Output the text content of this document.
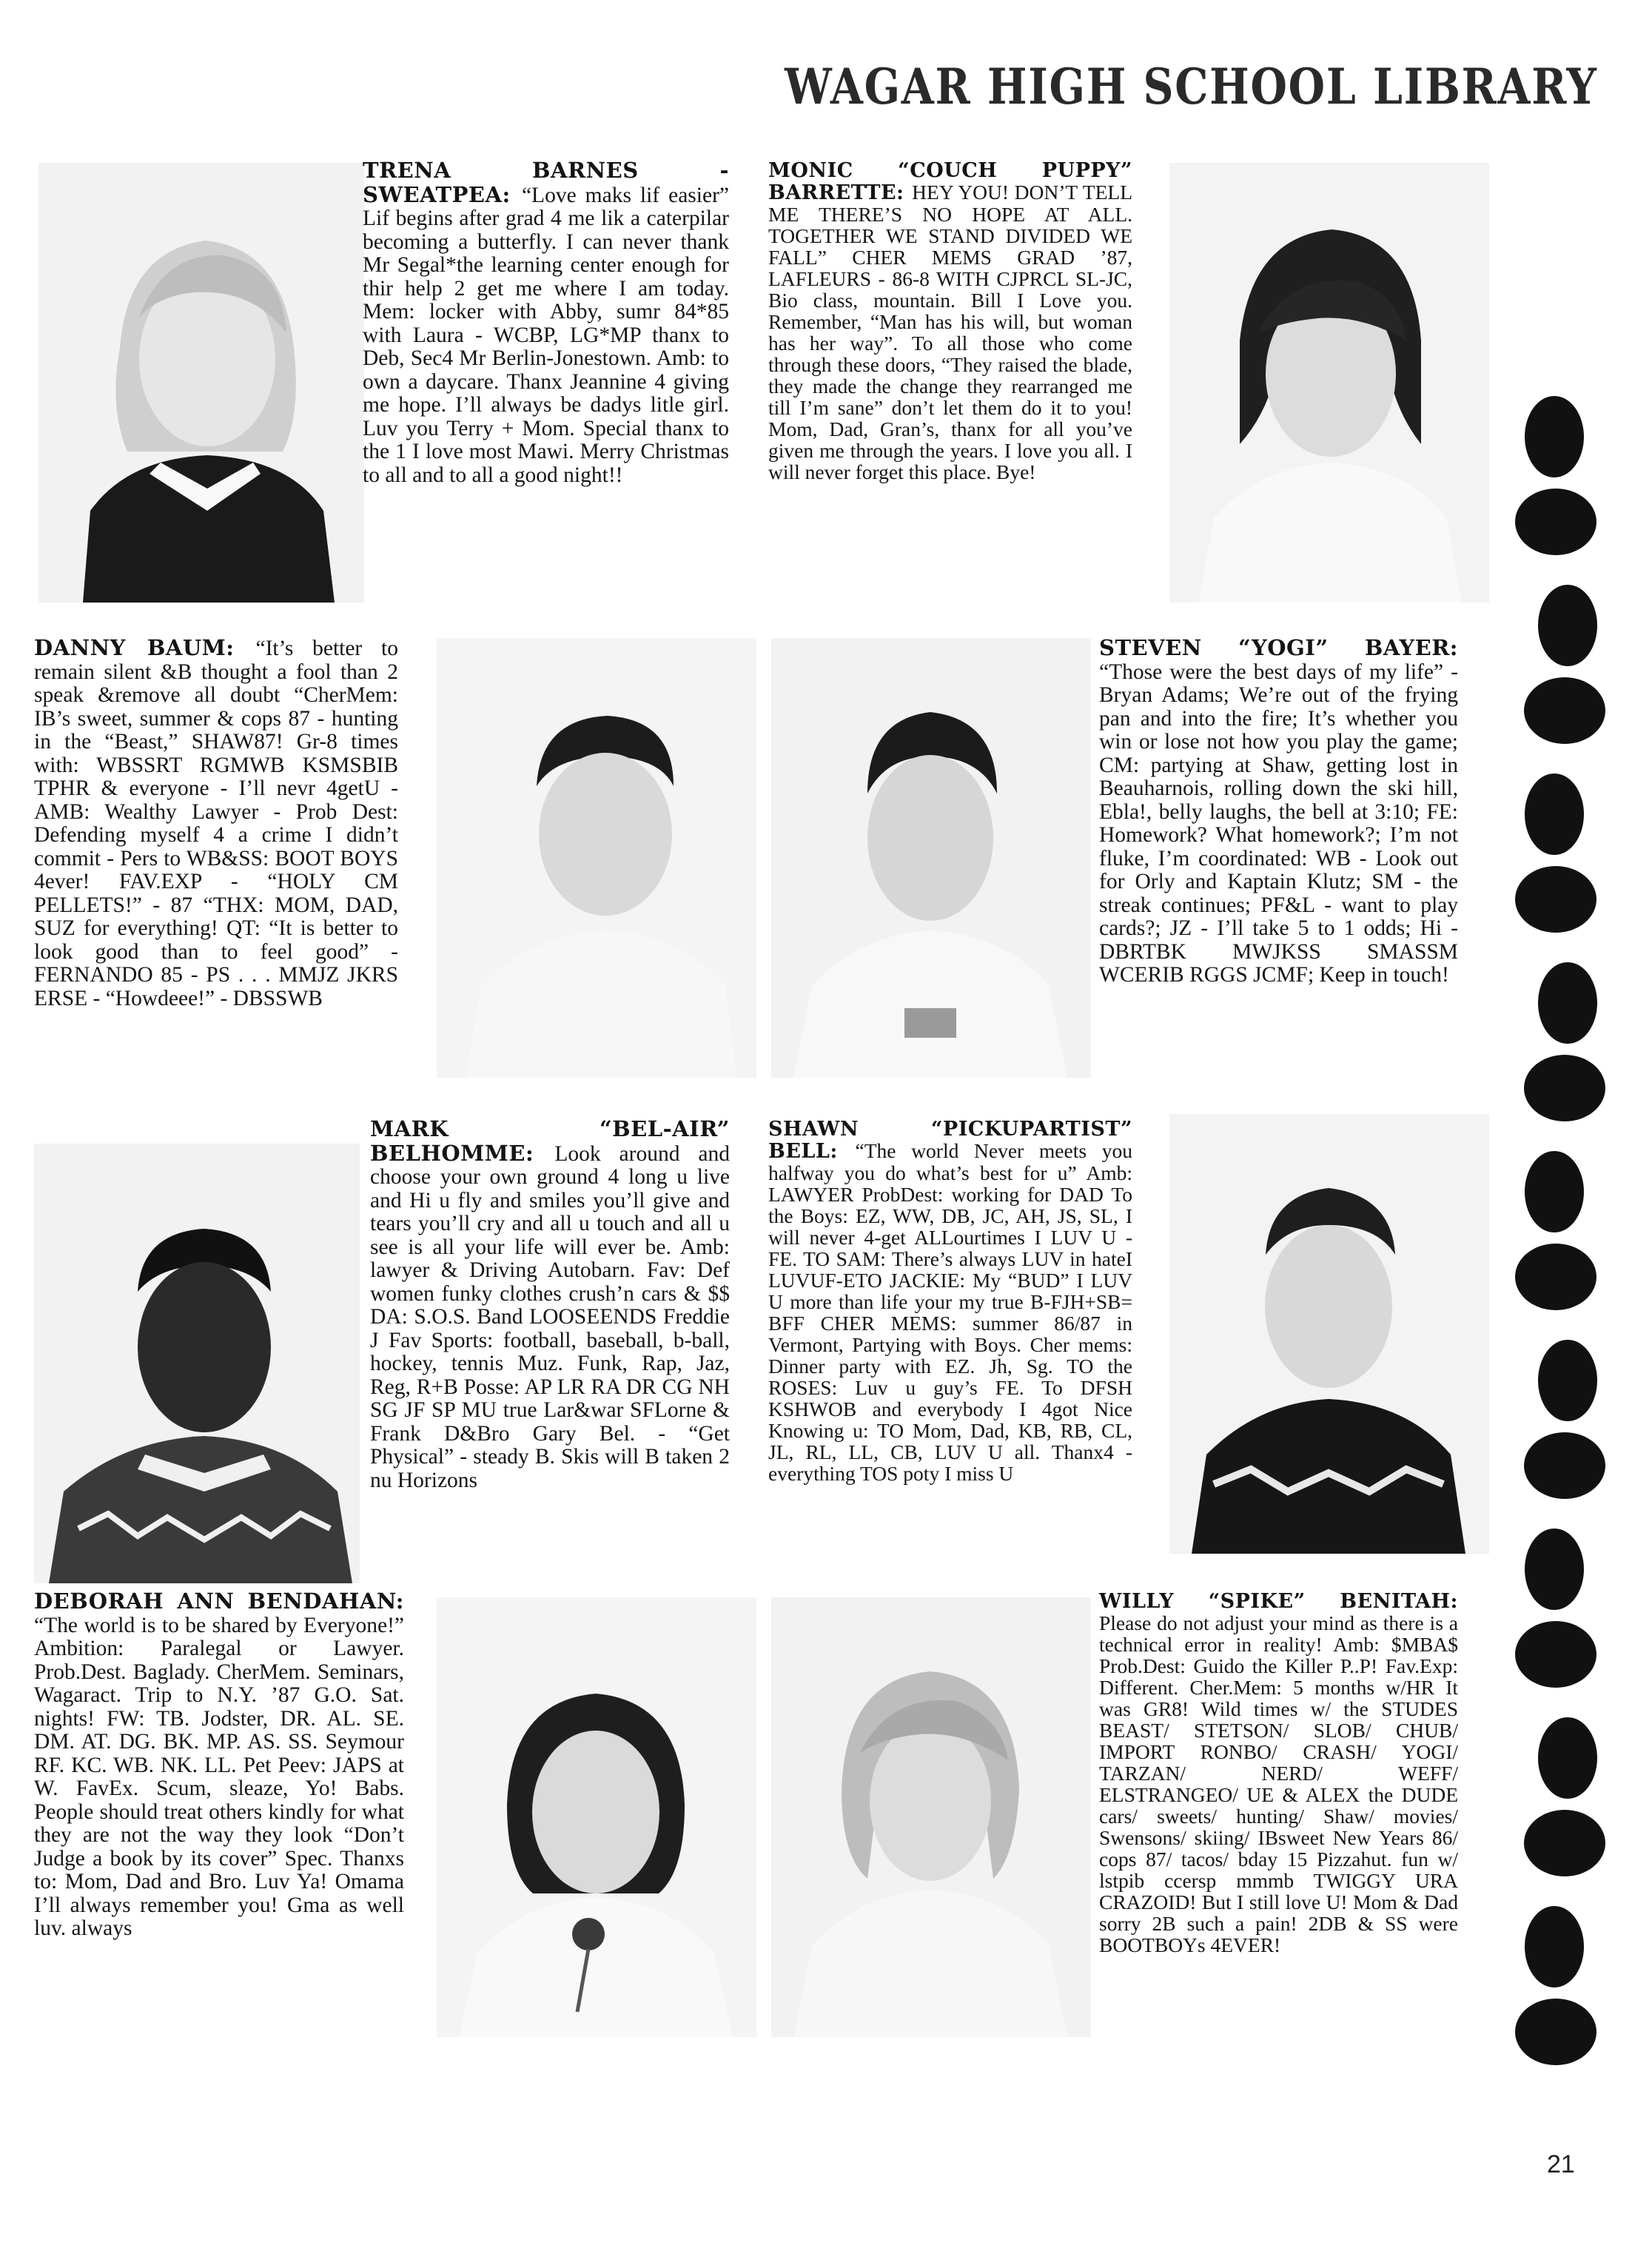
WAGAR HIGH SCHOOL LIBRARY
TRENA BARNES - SWEATPEA: “Love maks lif easier” Lif begins after grad 4 me lik a caterpilar becoming a butterfly. I can never thank Mr Segal*the learning center enough for thir help 2 get me where I am today. Mem: locker with Abby, sumr 84*85 with Laura - WCBP, LG*MP thanx to Deb, Sec4 Mr Berlin-Jonestown. Amb: to own a daycare. Thanx Jeannine 4 giving me hope. I’ll always be dadys litle girl. Luv you Terry + Mom. Special thanx to the 1 I love most Mawi. Merry Christmas to all and to all a good night!!
MONIC “COUCH PUPPY” BARRETTE: HEY YOU! DON’T TELL ME THERE’S NO HOPE AT ALL. TOGETHER WE STAND DIVIDED WE FALL” CHER MEMS GRAD ’87, LAFLEURS - 86-8 WITH CJPRCL SL-JC, Bio class, mountain. Bill I Love you. Remember, “Man has his will, but woman has her way”. To all those who come through these doors, “They raised the blade, they made the change they rearranged me till I’m sane” don’t let them do it to you! Mom, Dad, Gran’s, thanx for all you’ve given me through the years. I love you all. I will never forget this place. Bye!
DANNY BAUM: “It’s better to remain silent &B thought a fool than 2 speak &remove all doubt “CherMem: IB’s sweet, summer & cops 87 - hunting in the “Beast,” SHAW87! Gr-8 times with: WBSSRT RGMWB KSMSBIB TPHR & everyone - I’ll nevr 4getU - AMB: Wealthy Lawyer - Prob Dest: Defending myself 4 a crime I didn’t commit - Pers to WB&SS: BOOT BOYS 4ever! FAV.EXP - “HOLY CM PELLETS!” - 87 “THX: MOM, DAD, SUZ for everything! QT: “It is better to look good than to feel good” - FERNANDO 85 - PS . . . MMJZ JKRS ERSE - “Howdeee!” - DBSSWB
STEVEN “YOGI” BAYER: “Those were the best days of my life” - Bryan Adams; We’re out of the frying pan and into the fire; It’s whether you win or lose not how you play the game; CM: partying at Shaw, getting lost in Beauharnois, rolling down the ski hill, Ebla!, belly laughs, the bell at 3:10; FE: Homework? What homework?; I’m not fluke, I’m coordinated: WB - Look out for Orly and Kaptain Klutz; SM - the streak continues; PF&L - want to play cards?; JZ - I’ll take 5 to 1 odds; Hi - DBRTBK MWJKSS SMASSM WCERIB RGGS JCMF; Keep in touch!
MARK “BEL-AIR” BELHOMME: Look around and choose your own ground 4 long u live and Hi u fly and smiles you’ll give and tears you’ll cry and all u touch and all u see is all your life will ever be. Amb: lawyer & Driving Autobarn. Fav: Def women funky clothes crush’n cars & $$ DA: S.O.S. Band LOOSEENDS Freddie J Fav Sports: football, baseball, b-ball, hockey, tennis Muz. Funk, Rap, Jaz, Reg, R+B Posse: AP LR RA DR CG NH SG JF SP MU true Lar&war SFLorne & Frank D&Bro Gary Bel. - “Get Physical” - steady B. Skis will B taken 2 nu Horizons
SHAWN “PICKUPARTIST” BELL: “The world Never meets you halfway you do what’s best for u” Amb: LAWYER ProbDest: working for DAD To the Boys: EZ, WW, DB, JC, AH, JS, SL, I will never 4-get ALLourtimes I LUV U - FE. TO SAM: There’s always LUV in hateI LUVUF-ETO JACKIE: My “BUD” I LUV U more than life your my true B-FJH+SB= BFF CHER MEMS: summer 86/87 in Vermont, Partying with Boys. Cher mems: Dinner party with EZ. Jh, Sg. TO the ROSES: Luv u guy’s FE. To DFSH KSHWOB and everybody I 4got Nice Knowing u: TO Mom, Dad, KB, RB, CL, JL, RL, LL, CB, LUV U all. Thanx4 - everything TOS poty I miss U
DEBORAH ANN BENDAHAN: “The world is to be shared by Everyone!” Ambition: Paralegal or Lawyer. Prob.Dest. Baglady. CherMem. Seminars, Wagaract. Trip to N.Y. ’87 G.O. Sat. nights! FW: TB. Jodster, DR. AL. SE. DM. AT. DG. BK. MP. AS. SS. Seymour RF. KC. WB. NK. LL. Pet Peev: JAPS at W. FavEx. Scum, sleaze, Yo! Babs. People should treat others kindly for what they are not the way they look “Don’t Judge a book by its cover” Spec. Thanxs to: Mom, Dad and Bro. Luv Ya! Omama I’ll always remember you! Gma as well luv. always
WILLY “SPIKE” BENITAH: Please do not adjust your mind as there is a technical error in reality! Amb: $MBA$ Prob.Dest: Guido the Killer P..P! Fav.Exp: Different. Cher.Mem: 5 months w/HR It was GR8! Wild times w/ the STUDES BEAST/ STETSON/ SLOB/ CHUB/ IMPORT RONBO/ CRASH/ YOGI/ TARZAN/ NERD/ WEFF/ ELSTRANGEO/ UE & ALEX the DUDE cars/ sweets/ hunting/ Shaw/ movies/ Swensons/ skiing/ IBsweet New Years 86/ cops 87/ tacos/ bday 15 Pizzahut. fun w/ lstpib ccersp mmmb TWIGGY URA CRAZOID! But I still love U! Mom & Dad sorry 2B such a pain! 2DB & SS were BOOTBOYs 4EVER!
21
